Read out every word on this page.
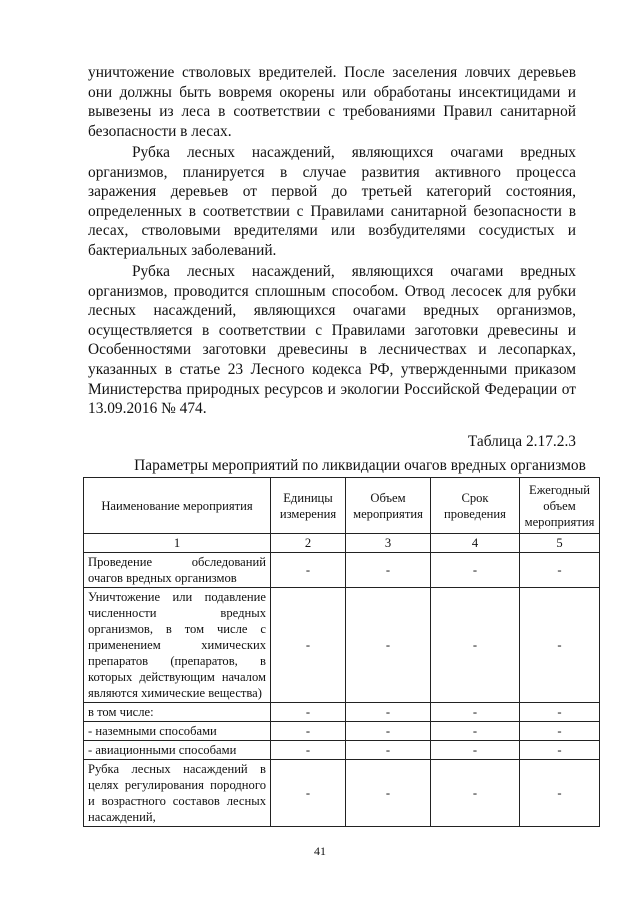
уничтожение стволовых вредителей. После заселения ловчих деревьев они должны быть вовремя окорены или обработаны инсектицидами и вывезены из леса в соответствии с требованиями Правил санитарной безопасности в лесах.

Рубка лесных насаждений, являющихся очагами вредных организмов, планируется в случае развития активного процесса заражения деревьев от первой до третьей категорий состояния, определенных в соответствии с Правилами санитарной безопасности в лесах, стволовыми вредителями или возбудителями сосудистых и бактериальных заболеваний.

Рубка лесных насаждений, являющихся очагами вредных организмов, проводится сплошным способом. Отвод лесосек для рубки лесных насаждений, являющихся очагами вредных организмов, осуществляется в соответствии с Правилами заготовки древесины и Особенностями заготовки древесины в лесничествах и лесопарках, указанных в статье 23 Лесного кодекса РФ, утвержденными приказом Министерства природных ресурсов и экологии Российской Федерации от 13.09.2016 № 474.

Таблица 2.17.2.3
Параметры мероприятий по ликвидации очагов вредных организмов
Наименование мероприятия	Единицы измерения	Объем мероприятия	Срок проведения	Ежегодный объем мероприятия
1	2	3	4	5
Проведение обследований очагов вредных организмов	-	-	-	-
Уничтожение или подавление численности вредных организмов, в том числе с применением химических препаратов (препаратов, в которых действующим началом являются химические вещества)	-	-	-	-
в том числе:	-	-	-	-
- наземными способами	-	-	-	-
- авиационными способами	-	-	-	-
Рубка лесных насаждений в целях регулирования породного и возрастного составов лесных насаждений,	-	-	-	-
41
